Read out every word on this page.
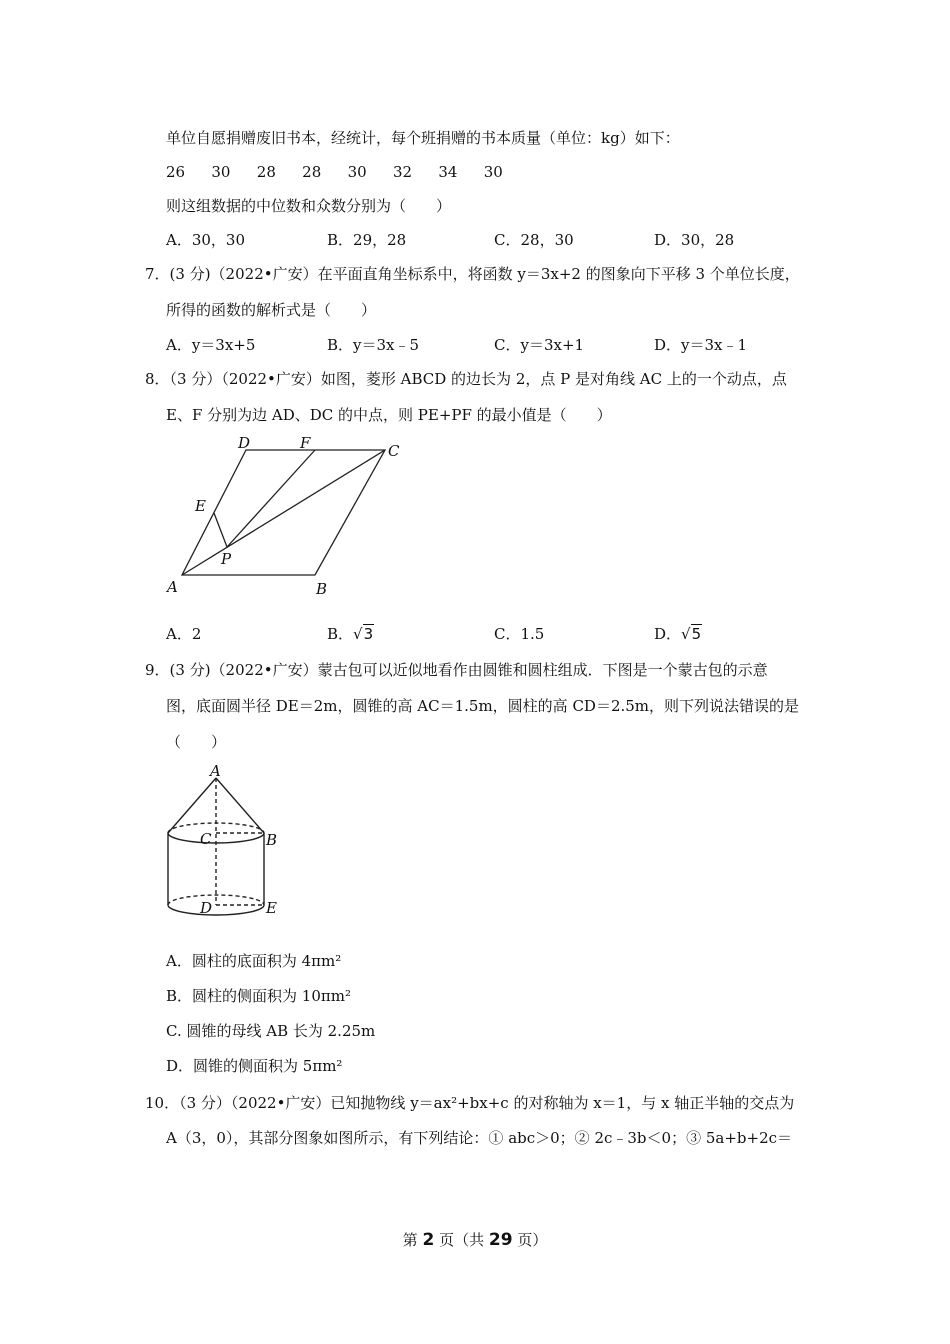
单位自愿捐赠废旧书本，经统计，每个班捐赠的书本质量（单位：kg）如下：
26   30   28   28   30   32   34   30
则这组数据的中位数和众数分别为（　　）
A．30，30	B．29，28	C．28，30	D．30，28
7．(3 分)（2022•广安）在平面直角坐标系中，将函数 y＝3x+2 的图象向下平移 3 个单位长度，
所得的函数的解析式是（　　）
A．y＝3x+5	B．y＝3x﹣5	C．y＝3x+1	D．y＝3x﹣1
8．（3 分）（2022•广安）如图，菱形 ABCD 的边长为 2，点 P 是对角线 AC 上的一个动点，点
E、F 分别为边 AD、DC 的中点，则 PE+PF 的最小值是（　　）
D	F	C
E
P
A	B
A．2	B．√3	C．1.5	D．√5
9．(3 分)（2022•广安）蒙古包可以近似地看作由圆锥和圆柱组成．下图是一个蒙古包的示意
图，底面圆半径 DE＝2m，圆锥的高 AC＝1.5m，圆柱的高 CD＝2.5m，则下列说法错误的是
（　　）
A
C	B
D	E
A．圆柱的底面积为 4πm²
B．圆柱的侧面积为 10πm²
C. 圆锥的母线 AB 长为 2.25m
D．圆锥的侧面积为 5πm²
10．（3 分）（2022•广安）已知抛物线 y＝ax²+bx+c 的对称轴为 x＝1，与 x 轴正半轴的交点为
A（3，0），其部分图象如图所示，有下列结论：① abc＞0；② 2c﹣3b＜0；③ 5a+b+2c＝
第 2 页（共 29 页）
